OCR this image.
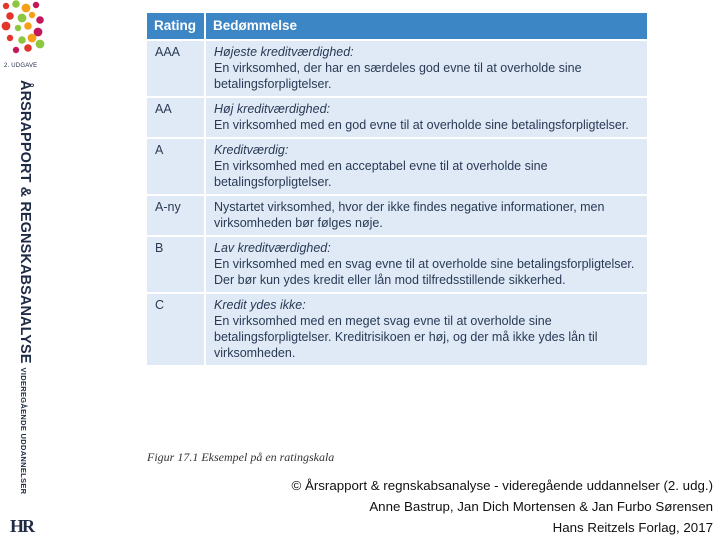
2. UDGAVE
ÅRSRAPPORT & REGNSKABSANALYSEVIDEREGÅENDE UDDANNELSER
HR
Rating	Bedømmelse
AAA	Højeste kreditværdighed:
En virksomhed, der har en særdeles god evne til at overholde sine betalingsforpligtelser.

AA	Høj kreditværdighed:
En virksomhed med en god evne til at overholde sine betalingsforpligtelser.

A	Kreditværdig:
En virksomhed med en acceptabel evne til at overholde sine betalingsforpligtelser.

A-ny	Nystartet virksomhed, hvor der ikke findes negative informationer, men virksomheden bør følges nøje.

B	Lav kreditværdighed:
En virksomhed med en svag evne til at overholde sine betalingsforpligtelser. Der bør kun ydes kredit eller lån mod tilfredsstillende sikkerhed.

C	Kredit ydes ikke:
En virksomhed med en meget svag evne til at overholde sine betalingsforpligtelser. Kreditrisikoen er høj, og der må ikke ydes lån til virksomheden.
Figur 17.1 Eksempel på en ratingskala
© Årsrapport & regnskabsanalyse - videregående uddannelser (2. udg.)
Anne Bastrup, Jan Dich Mortensen & Jan Furbo Sørensen
Hans Reitzels Forlag, 2017
